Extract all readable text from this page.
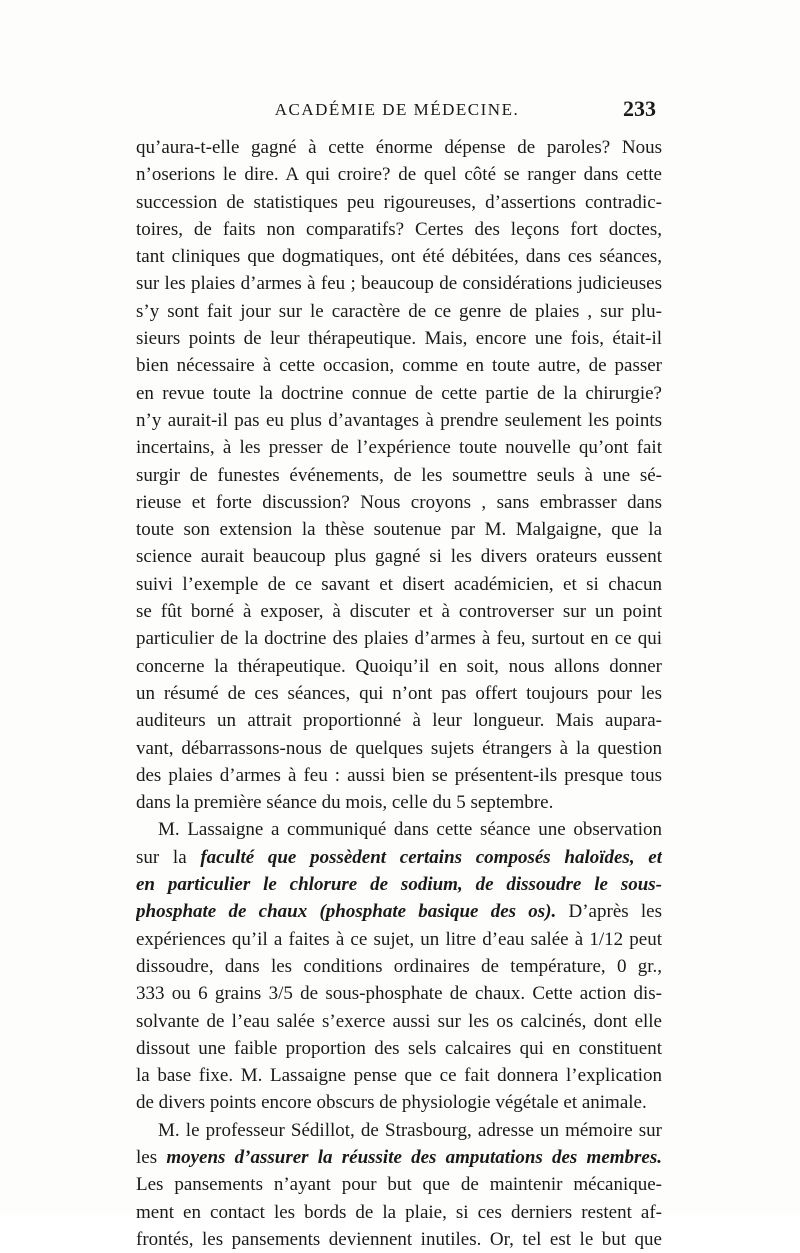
ACADÉMIE DE MÉDECINE.	233
qu’aura-t-elle gagné à cette énorme dépense de paroles? Nous
n’oserions le dire. A qui croire? de quel côté se ranger dans cette
succession de statistiques peu rigoureuses, d’assertions contradic-
toires, de faits non comparatifs? Certes des leçons fort doctes,
tant cliniques que dogmatiques, ont été débitées, dans ces séances,
sur les plaies d’armes à feu ; beaucoup de considérations judicieuses
s’y sont fait jour sur le caractère de ce genre de plaies , sur plu-
sieurs points de leur thérapeutique. Mais, encore une fois, était-il
bien nécessaire à cette occasion, comme en toute autre, de passer
en revue toute la doctrine connue de cette partie de la chirurgie?
n’y aurait-il pas eu plus d’avantages à prendre seulement les points
incertains, à les presser de l’expérience toute nouvelle qu’ont fait
surgir de funestes événements, de les soumettre seuls à une sé-
rieuse et forte discussion? Nous croyons , sans embrasser dans
toute son extension la thèse soutenue par M. Malgaigne, que la
science aurait beaucoup plus gagné si les divers orateurs eussent
suivi l’exemple de ce savant et disert académicien, et si chacun
se fût borné à exposer, à discuter et à controverser sur un point
particulier de la doctrine des plaies d’armes à feu, surtout en ce qui
concerne la thérapeutique. Quoiqu’il en soit, nous allons donner
un résumé de ces séances, qui n’ont pas offert toujours pour les
auditeurs un attrait proportionné à leur longueur. Mais auparа-
vant, débarrassons-nous de quelques sujets étrangers à la question
des plaies d’armes à feu : aussi bien se présentent-ils presque tous
dans la première séance du mois, celle du 5 septembre.
M. Lassaigne a communiqué dans cette séance une observation
sur la faculté que possèdent certains composés haloïdes, et
en particulier le chlorure de sodium, de dissoudre le sous-
phosphate de chaux (phosphate basique des os). D’après les
expériences qu’il a faites à ce sujet, un litre d’eau salée à 1/12 peut
dissoudre, dans les conditions ordinaires de température, 0 gr.,
333 ou 6 grains 3/5 de sous-phosphate de chaux. Cette action dis-
solvante de l’eau salée s’exerce aussi sur les os calcinés, dont elle
dissout une faible proportion des sels calcaires qui en constituent
la base fixe. M. Lassaigne pense que ce fait donnera l’explication
de divers points encore obscurs de physiologie végétale et animale.
M. le professeur Sédillot, de Strasbourg, adresse un mémoire sur
les moyens d’assurer la réussite des amputations des membres.
Les pansements n’ayant pour but que de maintenir mécanique-
ment en contact les bords de la plaie, si ces derniers restent af-
frontés, les pansements deviennent inutiles. Or, tel est le but que
